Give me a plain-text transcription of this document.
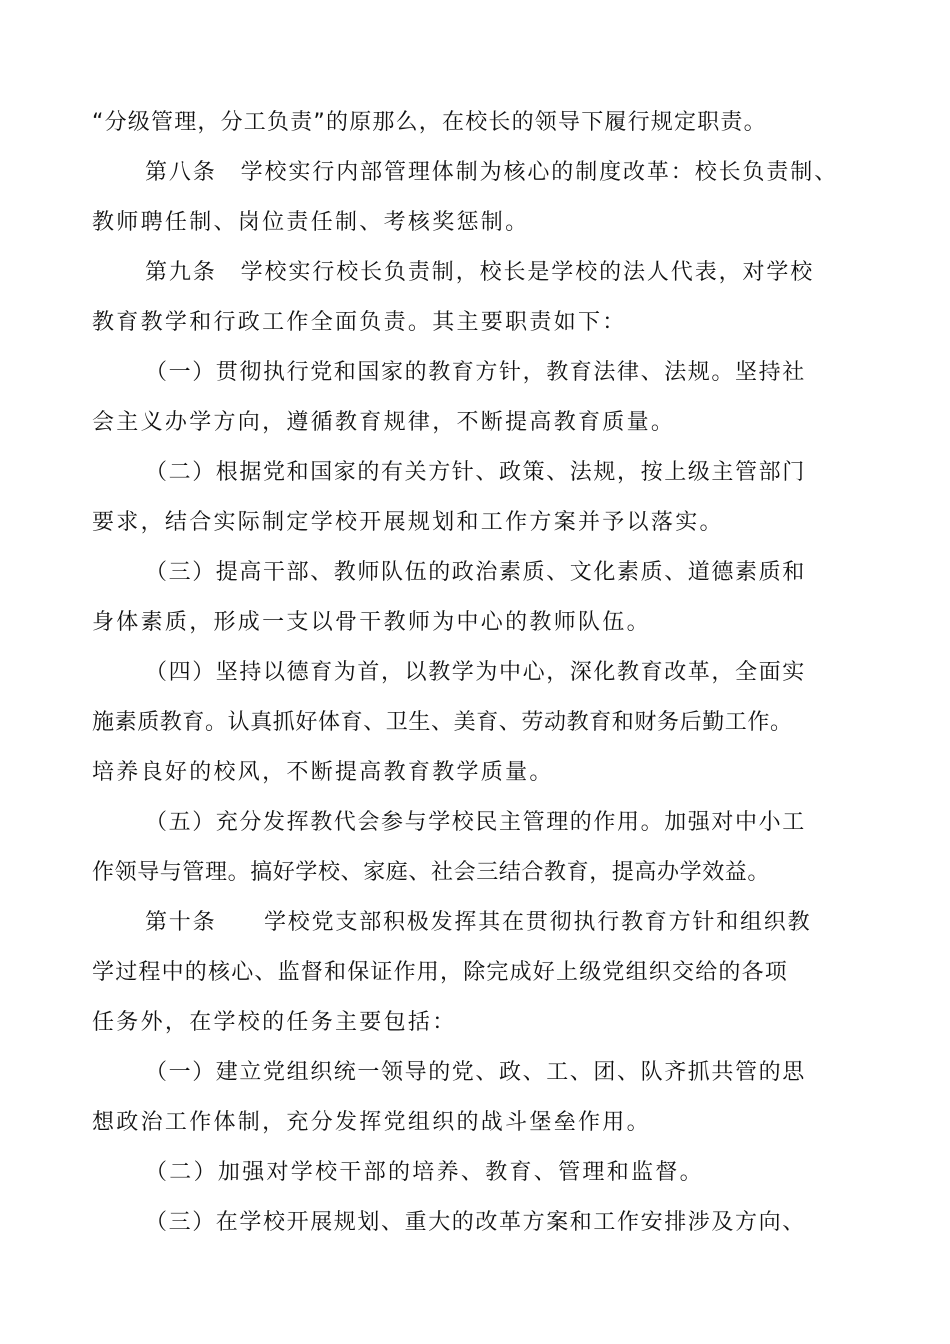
“分级管理，分工负责”的原那么，在校长的领导下履行规定职责。
第八条　学校实行内部管理体制为核心的制度改革：校长负责制、
教师聘任制、岗位责任制、考核奖惩制。
第九条　学校实行校长负责制，校长是学校的法人代表，对学校
教育教学和行政工作全面负责。其主要职责如下：
（一）贯彻执行党和国家的教育方针，教育法律、法规。坚持社
会主义办学方向，遵循教育规律，不断提高教育质量。
（二）根据党和国家的有关方针、政策、法规，按上级主管部门
要求，结合实际制定学校开展规划和工作方案并予以落实。
（三）提高干部、教师队伍的政治素质、文化素质、道德素质和
身体素质，形成一支以骨干教师为中心的教师队伍。
（四）坚持以德育为首，以教学为中心，深化教育改革，全面实
施素质教育。认真抓好体育、卫生、美育、劳动教育和财务后勤工作。
培养良好的校风，不断提高教育教学质量。
（五）充分发挥教代会参与学校民主管理的作用。加强对中小工
作领导与管理。搞好学校、家庭、社会三结合教育，提高办学效益。
第十条　　学校党支部积极发挥其在贯彻执行教育方针和组织教
学过程中的核心、监督和保证作用，除完成好上级党组织交给的各项
任务外，在学校的任务主要包括：
（一）建立党组织统一领导的党、政、工、团、队齐抓共管的思
想政治工作体制，充分发挥党组织的战斗堡垒作用。
（二）加强对学校干部的培养、教育、管理和监督。
（三）在学校开展规划、重大的改革方案和工作安排涉及方向、
